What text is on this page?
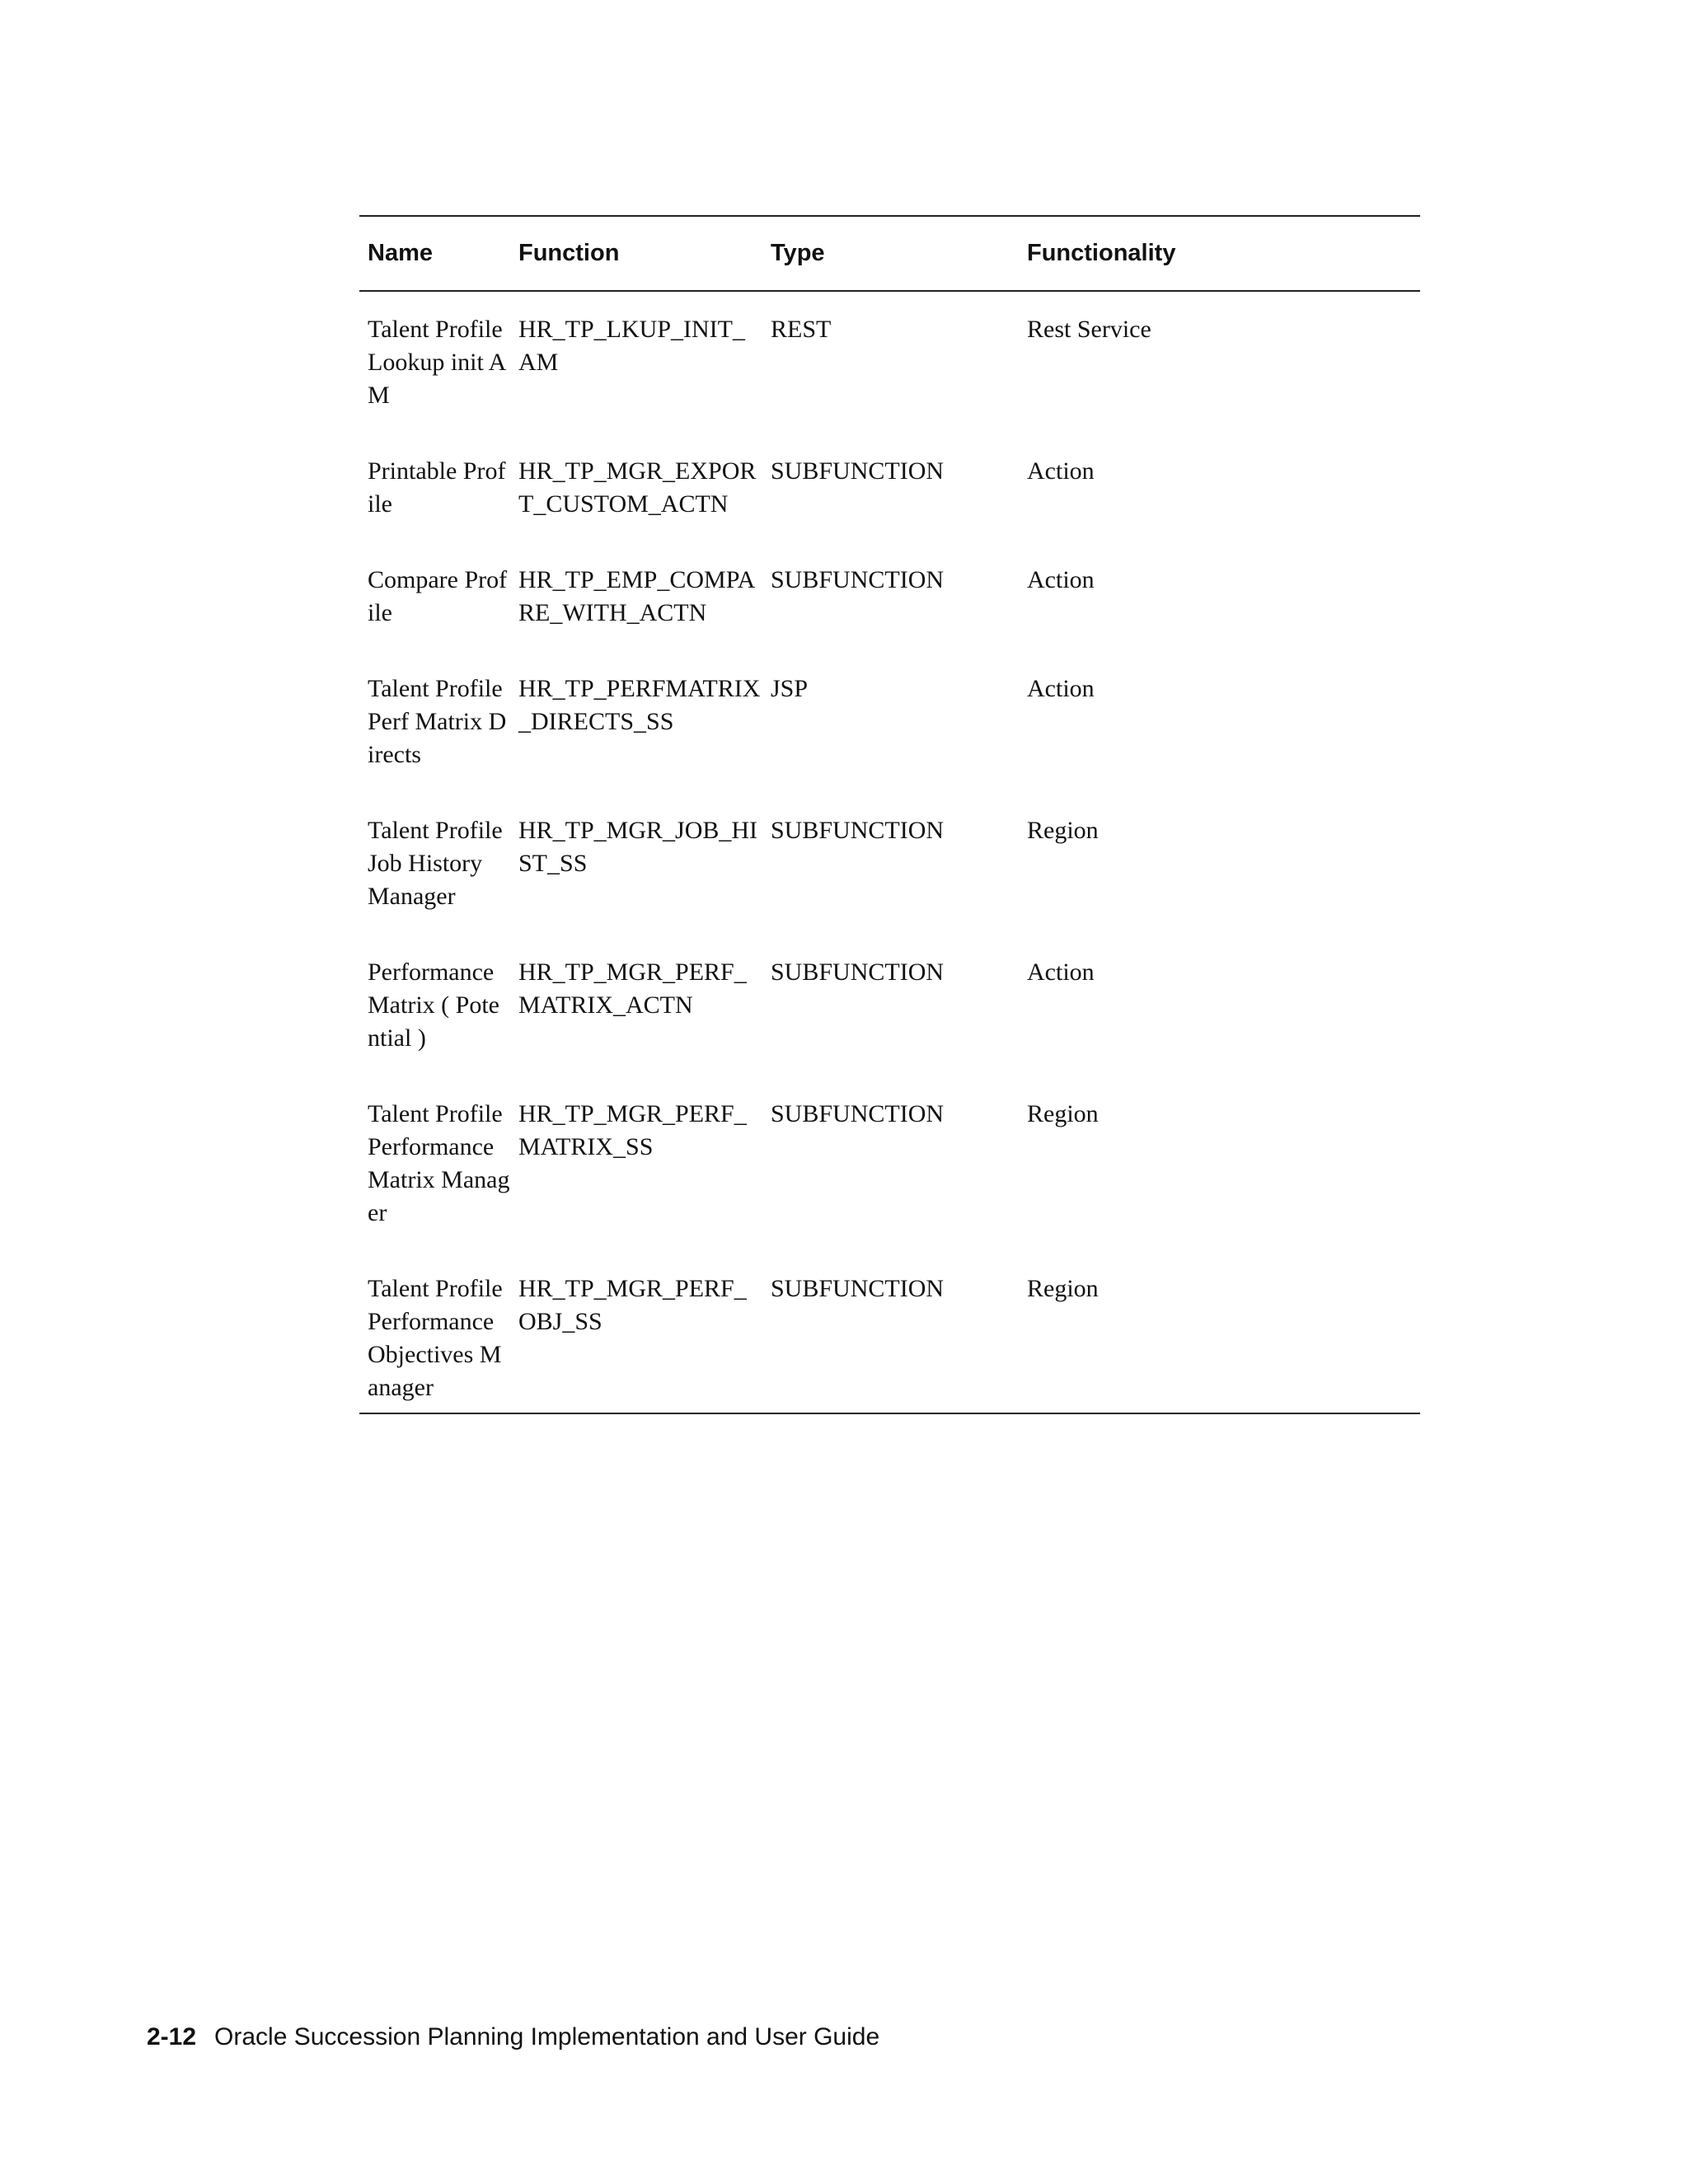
Name	Function	Type	Functionality
Talent Profile Lookup init AM	HR_TP_LKUP_INIT_AM	REST	Rest Service
Printable Profile	HR_TP_MGR_EXPORT_CUSTOM_ACTN	SUBFUNCTION	Action
Compare Profile	HR_TP_EMP_COMPARE_WITH_ACTN	SUBFUNCTION	Action
Talent Profile Perf Matrix Directs	HR_TP_PERFMATRIX_DIRECTS_SS	JSP	Action
Talent Profile Job History Manager	HR_TP_MGR_JOB_HIST_SS	SUBFUNCTION	Region
Performance Matrix ( Potential )	HR_TP_MGR_PERF_MATRIX_ACTN	SUBFUNCTION	Action
Talent Profile Performance Matrix Manager	HR_TP_MGR_PERF_MATRIX_SS	SUBFUNCTION	Region
Talent Profile Performance Objectives Manager	HR_TP_MGR_PERF_OBJ_SS	SUBFUNCTION	Region
2-12 Oracle Succession Planning Implementation and User Guide
